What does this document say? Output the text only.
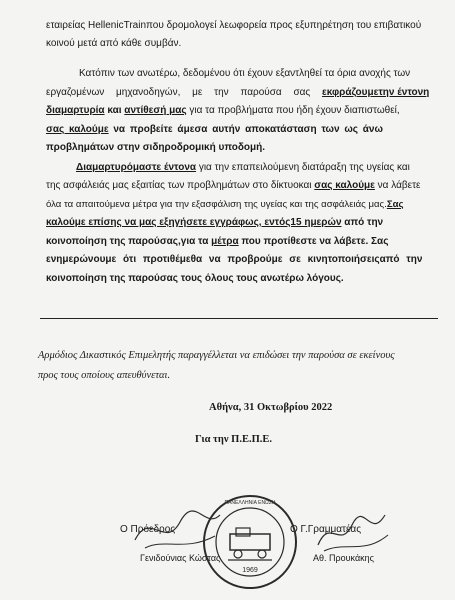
εταιρείας HellenicTrainπου δρομολογεί λεωφορεία προς εξυπηρέτηση του επιβατικού
κοινού μετά από κάθε συμβάν.
Κατόπιν των ανωτέρω, δεδομένου ότι έχουν εξαντληθεί τα όρια ανοχής των
εργαζομένων μηχανοδηγών, με την παρούσα σας εκφράζουμετην έντονη
διαμαρτυρία και αντίθεσή μας για τα προβλήματα που ήδη έχουν διαπιστωθεί,
σας καλούμε να προβείτε άμεσα αυτήν αποκατάσταση των ως άνω
προβλημάτων στην σιδηροδρομική υποδομή.
Διαμαρτυρόμαστε έντονα για την επαπειλούμενη διατάραξη της υγείας και
της ασφάλειάς μας εξαιτίας των προβλημάτων στο δίκτυοκαι σας καλούμε να λάβετε
όλα τα απαιτούμενα μέτρα για την εξασφάλιση της υγείας και της ασφάλειάς μας.Σας
καλούμε επίσης να μας εξηγήσετε εγγράφως, εντός15 ημερών από την
κοινοποίηση της παρούσας,για τα μέτρα που προτίθεστε να λάβετε. Σας
ενημερώνουμε ότι προτιθέμεθα να προβρούμε σε κινητοποιήσειςαπό την
κοινοποίηση της παρούσας τους όλους τους ανωτέρω λόγους.
Αρμόδιος Δικαστικός Επιμελητής παραγγέλλεται να επιδώσει την παρούσα σε εκείνους
προς τους οποίους απευθύνεται.
Αθήνα, 31 Οκτωβρίου 2022
Για την Π.Ε.Π.Ε.
Ο Πρόεδρος
Γενιδούνιας Κώστας
Ο Γ.Γραμματέας
Αθ. Προυκάκης
1969
ΠΑΝΕΛΛΗΝΙΑ ΕΝΩΣΗ
